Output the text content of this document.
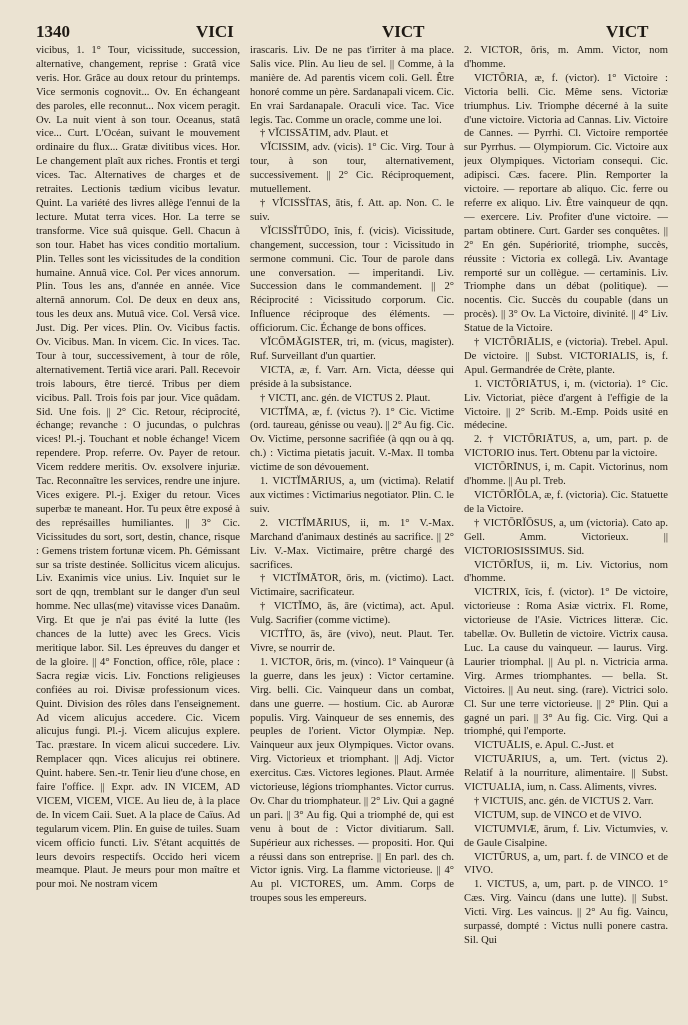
1340	VICI	VICT	VICT

vicibus, 1. 1° Tour, vicissitude, succession, alternative, changement, reprise : Gratâ vice veris. Hor. Grâce au doux retour du printemps. Vice sermonis cognovit... Ov. En échangeant des paroles, elle reconnut... Nox vicem peragit. Ov. La nuit vient à son tour. Oceanus, statâ vice... Curt. L'Océan, suivant le mouvement ordinaire du flux... Gratæ divitibus vices. Hor. Le changement plaît aux riches. Frontis et tergi vices. Tac. Alternatives de charges et de retraites. Lectionis tædium vicibus levatur. Quint. La variété des livres allège l'ennui de la lecture. Mutat terra vices. Hor. La terre se transforme. Vice suâ quisque. Gell. Chacun à son tour. Habet has vices conditio mortalium. Plin. Telles sont les vicissitudes de la condition humaine. Annuâ vice. Col. Per vices annorum. Plin. Tous les ans, d'année en année. Vice alternâ annorum. Col. De deux en deux ans, tous les deux ans. Mutuâ vice. Col. Versâ vice. Just. Dig. Per vices. Plin. Ov. Vicibus factis. Ov. Vicibus. Man. In vicem. Cic. In vices. Tac. Tour à tour, successivement, à tour de rôle, alternativement. Tertiâ vice arari. Pall. Recevoir trois labours, être tiercé. Tribus per diem vicibus. Pall. Trois fois par jour. Vice quâdam. Sid. Une fois. || 2° Cic. Retour, réciprocité, échange; revanche : O jucundas, o pulchras vices! Pl.-j. Touchant et noble échange! Vicem rependere. Prop. referre. Ov. Payer de retour. Vicem reddere meritis. Ov. exsolvere injuriæ. Tac. Reconnaître les services, rendre une injure. Vices exigere. Pl.-j. Exiger du retour. Vices superbæ te maneant. Hor. Tu peux être exposé à des représailles humiliantes. || 3° Cic. Vicissitudes du sort, sort, destin, chance, risque : Gemens tristem fortunæ vicem. Ph. Gémissant sur sa triste destinée. Sollicitus vicem alicujus. Liv. Exanimis vice unius. Liv. Inquiet sur le sort de qqn, tremblant sur le danger d'un seul homme. Nec ullas(me) vitavisse vices Danaûm. Virg. Et que je n'ai pas évité la lutte (les chances de la lutte) avec les Grecs. Vicis meritique labor. Sil. Les épreuves du danger et de la gloire. || 4° Fonction, office, rôle, place : Sacra regiæ vicis. Liv. Fonctions religieuses confiées au roi. Divisæ professionum vices. Quint. Division des rôles dans l'enseignement. Ad vicem alicujus accedere. Cic. Vicem alicujus fungi. Pl.-j. Vicem alicujus explere. Tac. præstare. In vicem alicui succedere. Liv. Remplacer qqn. Vices alicujus rei obtinere. Quint. habere. Sen.-tr. Tenir lieu d'une chose, en faire l'office. || Expr. adv. IN VICEM, AD VICEM, VICEM, VICE. Au lieu de, à la place de. In vicem Caii. Suet. A la place de Caïus. Ad tegularum vicem. Plin. En guise de tuiles. Suam vicem officio functi. Liv. S'étant acquittés de leurs devoirs respectifs. Occido heri vicem meamque. Plaut. Je meurs pour mon maître et pour moi. Ne nostram vicem

irascaris. Liv. De ne pas t'irriter à ma place. Salis vice. Plin. Au lieu de sel. || Comme, à la manière de. Ad parentis vicem coli. Gell. Être honoré comme un père. Sardanapali vicem. Cic. En vrai Sardanapale. Oraculi vice. Tac. Vice legis. Tac. Comme un oracle, comme une loi.

† VĬCISSĀTIM, adv. Plaut. et

VĬCISSIM, adv. (vicis). 1° Cic. Virg. Tour à tour, à son tour, alternativement, successivement. || 2° Cic. Réciproquement, mutuellement.

† VĬCISSĬTAS, ātis, f. Att. ap. Non. C. le suiv.

VĬCISSĬTŪDO, ĭnis, f. (vicis). Vicissitude, changement, succession, tour : Vicissitudo in sermone communi. Cic. Tour de parole dans une conversation. — imperitandi. Liv. Succession dans le commandement. || 2° Réciprocité : Vicissitudo corporum. Cic. Influence réciproque des éléments. — officiorum. Cic. Échange de bons offices.

VĬCŌMĂGISTER, tri, m. (vicus, magister). Ruf. Surveillant d'un quartier.

VICTA, æ, f. Varr. Arn. Victa, déesse qui préside à la subsistance.

† VICTI, anc. gén. de VICTUS 2. Plaut.

VICTĬMA, æ, f. (victus ?). 1° Cic. Victime (ord. taureau, génisse ou veau). || 2° Au fig. Cic. Ov. Victime, personne sacrifiée (à qqn ou à qq. ch.) : Victima pietatis jacuit. V.-Max. Il tomba victime de son dévouement.

1. VICTĬMĀRIUS, a, um (victima). Relatif aux victimes : Victimarius negotiator. Plin. C. le suiv.

2. VICTĬMĀRIUS, ii, m. 1° V.-Max. Marchand d'animaux destinés au sacrifice. || 2° Liv. V.-Max. Victimaire, prêtre chargé des sacrifices.

† VICTĬMĀTOR, ōris, m. (victimo). Lact. Victimaire, sacrificateur.

† VICTĬMO, ās, āre (victima), act. Apul. Vulg. Sacrifier (comme victime).

VICTĬTO, ās, āre (vivo), neut. Plaut. Ter. Vivre, se nourrir de.

1. VICTOR, ōris, m. (vinco). 1° Vainqueur (à la guerre, dans les jeux) : Victor certamine. Virg. belli. Cic. Vainqueur dans un combat, dans une guerre. — hostium. Cic. ab Auroræ populis. Virg. Vainqueur de ses ennemis, des peuples de l'orient. Victor Olympiæ. Nep. Vainqueur aux jeux Olympiques. Victor ovans. Virg. Victorieux et triomphant. || Adj. Victor exercitus. Cæs. Victores legiones. Plaut. Armée victorieuse, légions triomphantes. Victor currus. Ov. Char du triomphateur. || 2° Liv. Qui a gagné un pari. || 3° Au fig. Qui a triomphé de, qui est venu à bout de : Victor divitiarum. Sall. Supérieur aux richesses. — propositi. Hor. Qui a réussi dans son entreprise. || En parl. des ch. Victor ignis. Virg. La flamme victorieuse. || 4° Au pl. VICTORES, um. Amm. Corps de troupes sous les empereurs.

2. VICTOR, ōris, m. Amm. Victor, nom d'homme.

VICTŌRIA, æ, f. (victor). 1° Victoire : Victoria belli. Cic. Même sens. Victoriæ triumphus. Liv. Triomphe décerné à la suite d'une victoire. Victoria ad Cannas. Liv. Victoire de Cannes. — Pyrrhi. Cl. Victoire remportée sur Pyrrhus. — Olympiorum. Cic. Victoire aux jeux Olympiques. Victoriam consequi. Cic. adipisci. Cæs. facere. Plin. Remporter la victoire. — reportare ab aliquo. Cic. ferre ou referre ex aliquo. Liv. Être vainqueur de qqn. — exercere. Liv. Profiter d'une victoire. — partam obtinere. Curt. Garder ses conquêtes. || 2° En gén. Supériorité, triomphe, succès, réussite : Victoria ex collegâ. Liv. Avantage remporté sur un collègue. — certaminis. Liv. Triomphe dans un débat (politique). — nocentis. Cic. Succès du coupable (dans un procès). || 3° Ov. La Victoire, divinité. || 4° Liv. Statue de la Victoire.

† VICTŌRIĀLIS, e (victoria). Trebel. Apul. De victoire. || Subst. VICTORIALIS, is, f. Apul. Germandrée de Crète, plante.

1. VICTŌRIĀTUS, i, m. (victoria). 1° Cic. Liv. Victoriat, pièce d'argent à l'effigie de la Victoire. || 2° Scrib. M.-Emp. Poids usité en médecine.

2. † VICTŌRIĀTUS, a, um, part. p. de VICTORIO inus. Tert. Obtenu par la victoire.

VICTŌRĪNUS, i, m. Capit. Victorinus, nom d'homme. || Au pl. Treb.

VICTŌRĬŎLA, æ, f. (victoria). Cic. Statuette de la Victoire.

† VICTŌRĬŌSUS, a, um (victoria). Cato ap. Gell. Amm. Victorieux. || VICTORIOSISSIMUS. Sid.

VICTŌRĬUS, ii, m. Liv. Victorius, nom d'homme.

VICTRIX, īcis, f. (victor). 1° De victoire, victorieuse : Roma Asiæ victrix. Fl. Rome, victorieuse de l'Asie. Victrices litteræ. Cic. tabellæ. Ov. Bulletin de victoire. Victrix causa. Luc. La cause du vainqueur. — laurus. Virg. Laurier triomphal. || Au pl. n. Victricia arma. Virg. Armes triomphantes. — bella. St. Victoires. || Au neut. sing. (rare). Victrici solo. Cl. Sur une terre victorieuse. || 2° Plin. Qui a gagné un pari. || 3° Au fig. Cic. Virg. Qui a triomphé, qui l'emporte.

VICTUĀLIS, e. Apul. C.-Just. et

VICTUĀRIUS, a, um. Tert. (victus 2). Relatif à la nourriture, alimentaire. || Subst. VICTUALIA, ium, n. Cass. Aliments, vivres.

† VICTUIS, anc. gén. de VICTUS 2. Varr.

VICTUM, sup. de VINCO et de VIVO.

VICTUMVIÆ, ārum, f. Liv. Victumvies, v. de Gaule Cisalpine.

VICTŪRUS, a, um, part. f. de VINCO et de VIVO.

1. VICTUS, a, um, part. p. de VINCO. 1° Cæs. Virg. Vaincu (dans une lutte). || Subst. Victi. Virg. Les vaincus. || 2° Au fig. Vaincu, surpassé, dompté : Victus nulli ponere castra. Sil. Qui
